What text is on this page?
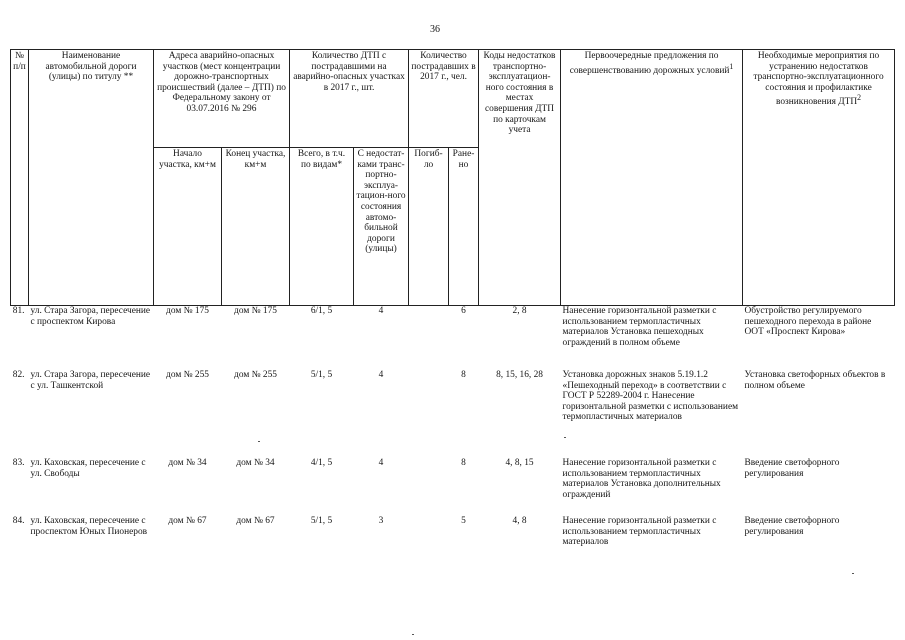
36
№ п/п	Наименование автомобильной дороги (улицы) по титулу **	Адреса аварийно-опасных участков (мест концентрации дорожно-транспортных происшествий (далее – ДТП) по Федеральному закону от 03.07.2016 № 296		Количество ДТП с пострадавшими на аварийно-опасных участках в 2017 г., шт.		Количество пострадавших в 2017 г., чел.		Коды недостатков транспортно-эксплуатацион-ного состояния в местах совершения ДТП по карточкам учета	Первоочередные предложения по совершенствованию дорожных условий$^1$	Необходимые мероприятия по устранению недостатков транспортно-эксплуатационного состояния и профилактике возникновения ДТП$^2$
		Начало участка, км+м	Конец участка, км+м	Всего, в т.ч. по видам*	С недостат-ками транс-портно-эксплуа-тацион-ного состояния автомо-бильной дороги (улицы)	Погиб-ло	Ране-но			
81.	ул. Стара Загора, пересечение с проспектом Кирова	дом № 175	дом № 175	6/1, 5	4		6	2, 8	Нанесение горизонтальной разметки с использованием термопластичных материалов Установка пешеходных ограждений в полном объеме	Обустройство регулируемого пешеходного перехода в районе ООТ «Проспект Кирова»
82.	ул. Стара Загора, пересечение с ул. Ташкентской	дом № 255	дом № 255	5/1, 5	4		8	8, 15, 16, 28	Установка дорожных знаков 5.19.1.2 «Пешеходный переход» в соответствии с ГОСТ Р 52289-2004 г. Нанесение горизонтальной разметки с использованием термопластичных материалов	Установка светофорных объектов в полном объеме
83.	ул. Каховская, пересечение с ул. Свободы	дом № 34	дом № 34	4/1, 5	4		8	4, 8, 15	Нанесение горизонтальной разметки с использованием термопластичных материалов Установка дополнительных ограждений	Введение светофорного регулирования
84.	ул. Каховская, пересечение с проспектом Юных Пионеров	дом № 67	дом № 67	5/1, 5	3		5	4, 8	Нанесение горизонтальной разметки с использованием термопластичных материалов	Введение светофорного регулирования
